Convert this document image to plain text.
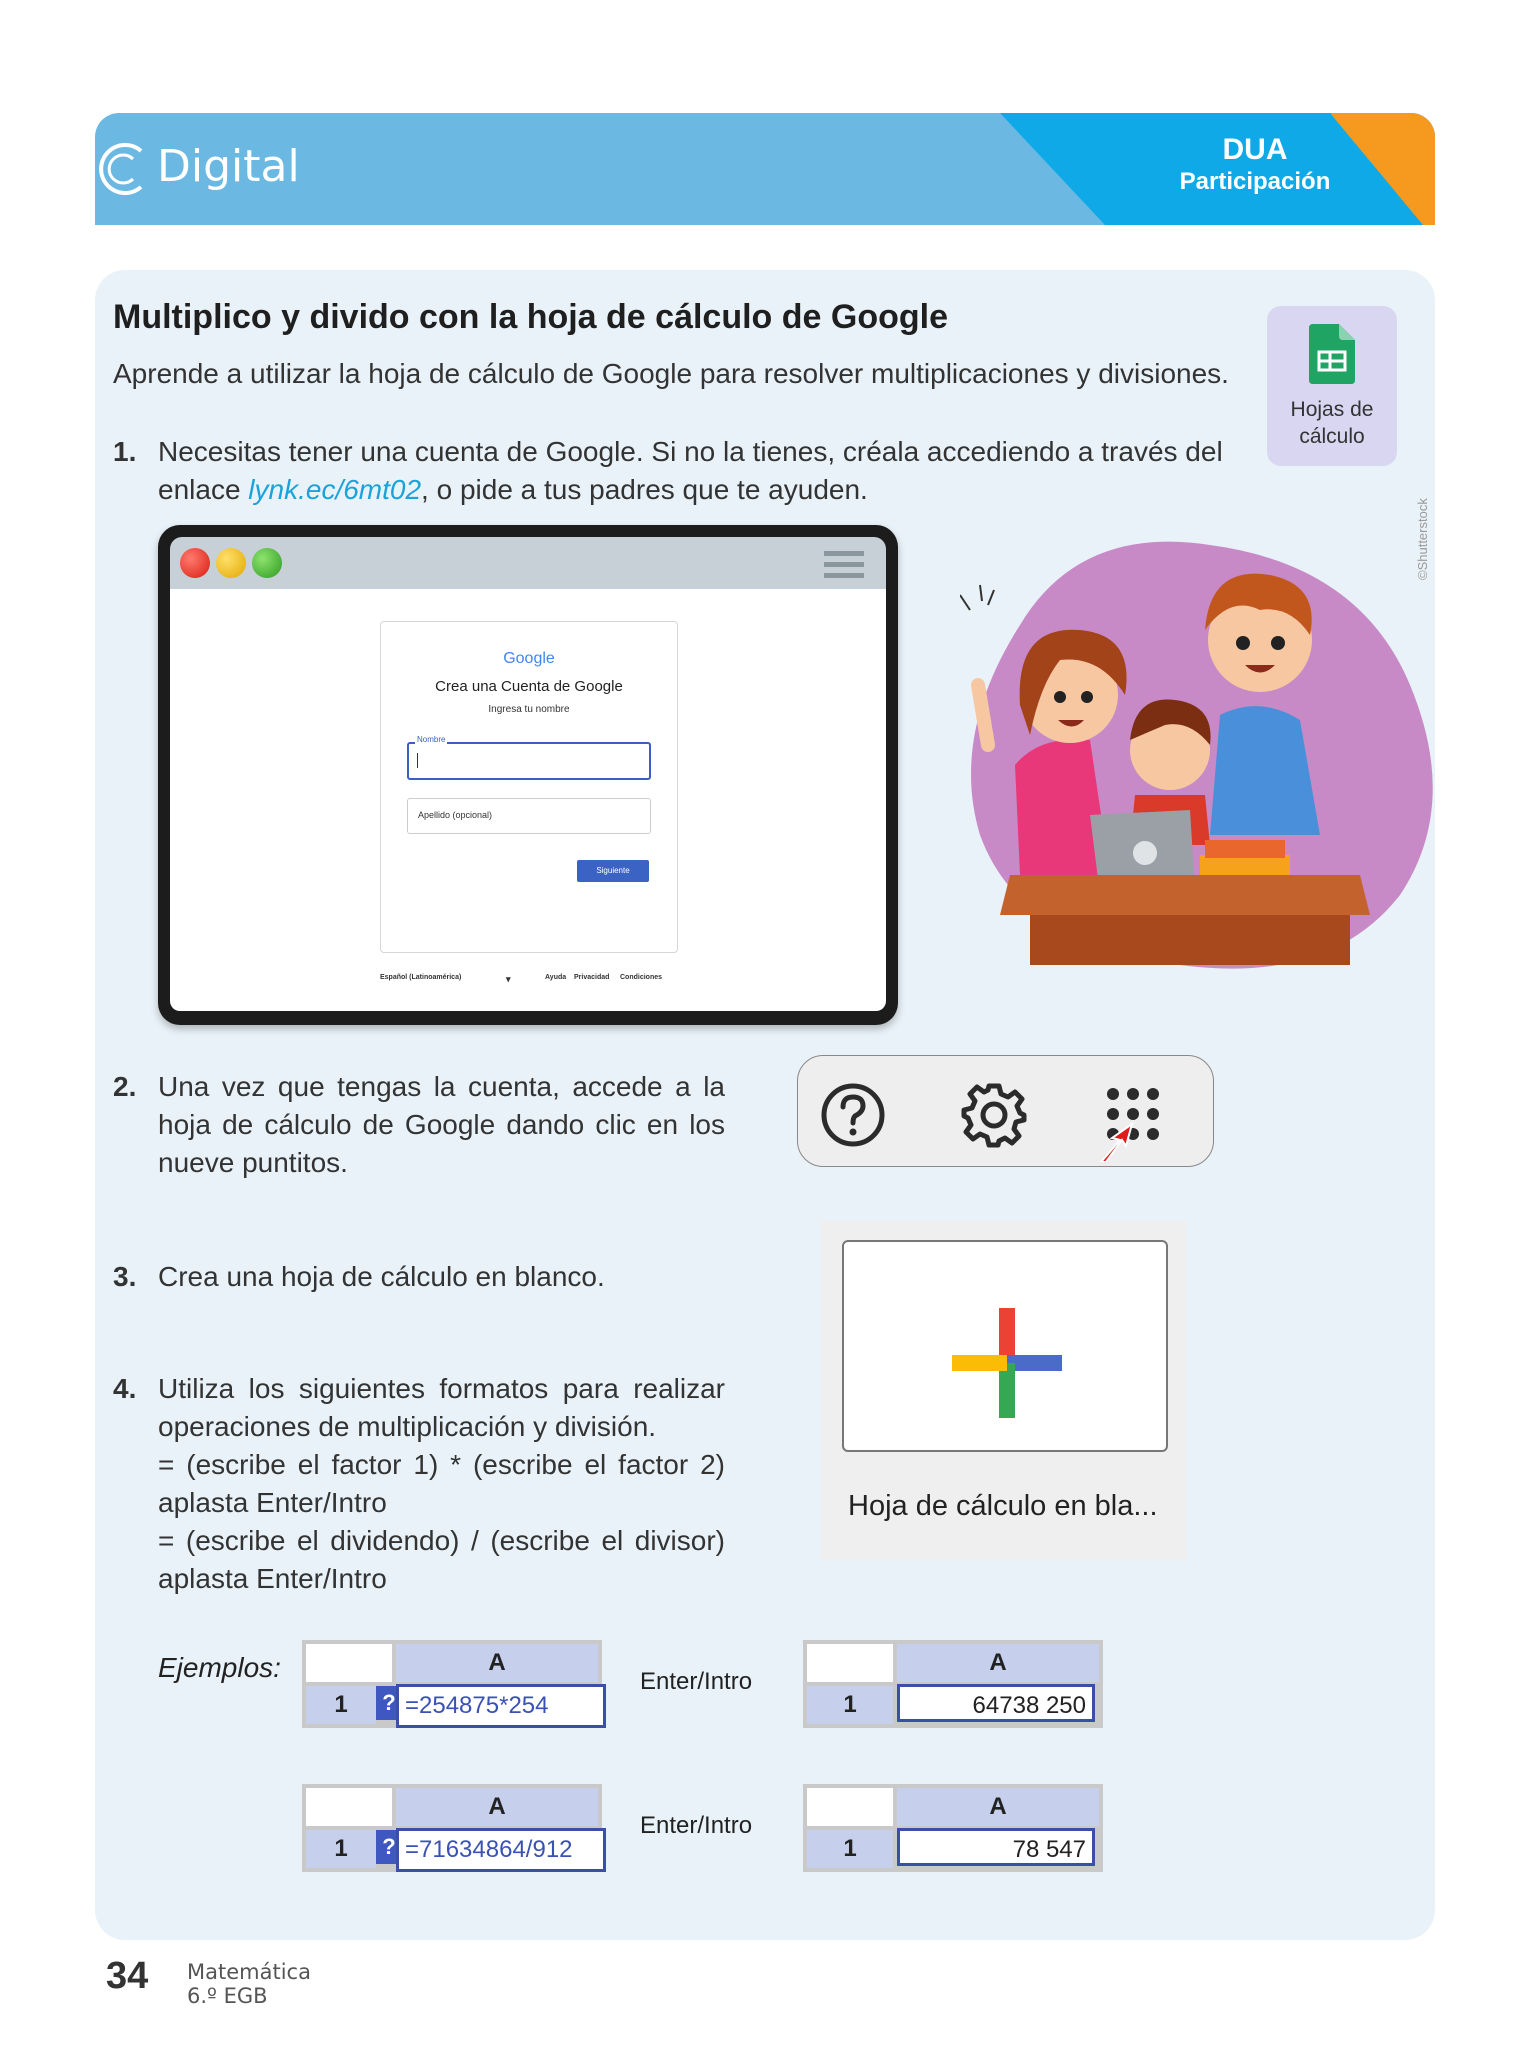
Digital	DUA
Participación
Multiplico y divido con la hoja de cálculo de Google
Aprende a utilizar la hoja de cálculo de Google para resolver multiplicaciones y divisiones.
Hojas de
cálculo
1. Necesitas tener una cuenta de Google. Si no la tienes, créala accediendo a través del enlace lynk.ec/6mt02, o pide a tus padres que te ayuden.
Google
Crea una Cuenta de Google
Ingresa tu nombre
Nombre
Apellido (opcional)
Siguiente
Español (Latinoamérica)	▾	Ayuda Privacidad Condiciones
©Shutterstock
2. Una vez que tengas la cuenta, accede a la hoja de cálculo de Google dando clic en los nueve puntitos.
3. Crea una hoja de cálculo en blanco.
Hoja de cálculo en bla...
4. Utiliza los siguientes formatos para realizar operaciones de multiplicación y división.
= (escribe el factor 1) * (escribe el factor 2) aplasta Enter/Intro
= (escribe el dividendo) / (escribe el divisor) aplasta Enter/Intro
Ejemplos:	A
1	? =254875*254
Enter/Intro
A
1	64738 250
A
1	? =71634864/912
Enter/Intro
A
1	78 547
34 Matemática
6.º EGB
